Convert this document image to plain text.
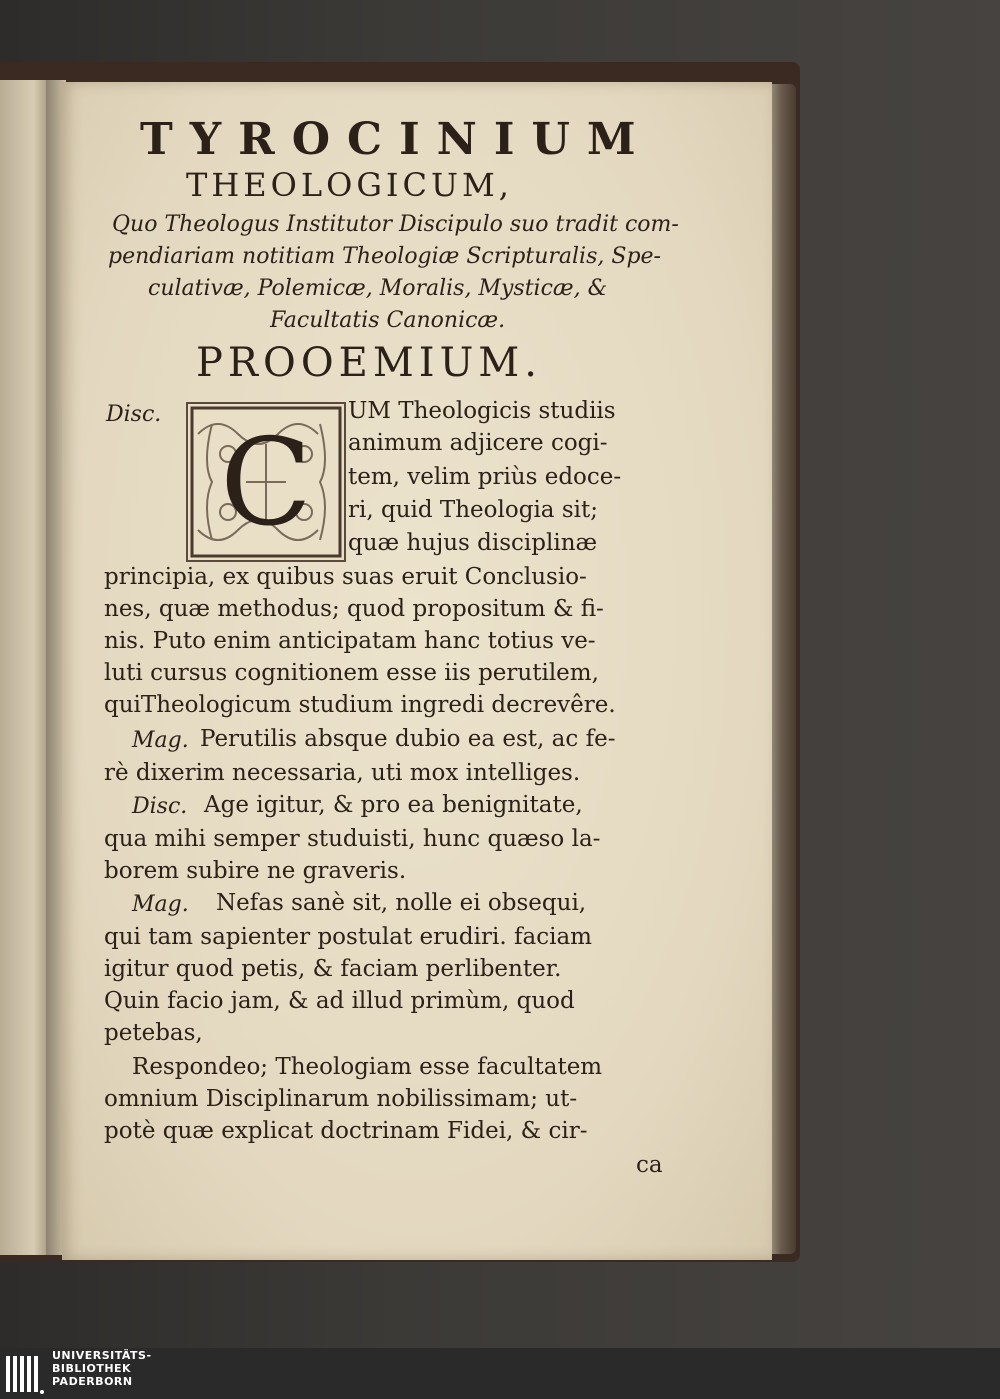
TYROCINIUM
THEOLOGICUM,
Quo Theologus Institutor Discipulo suo tradit com-
pendiariam notitiam Theologiæ Scripturalis, Spe-
culativæ, Polemicæ, Moralis, Mysticæ, &
Facultatis Canonicæ.
PROOEMIUM.
Disc. C
UM Theologicis studiis
animum adjicere cogi-
tem, velim priùs edoce-
ri, quid Theologia sit;
quæ hujus disciplinæ
principia, ex quibus suas eruit Conclusio-
nes, quæ methodus; quod propositum & fi-
nis. Puto enim anticipatam hanc totius ve-
luti cursus cognitionem esse iis perutilem,
quiTheologicum studium ingredi decrevêre.
Mag. Perutilis absque dubio ea est, ac fe-
rè dixerim necessaria, uti mox intelliges.
Disc. Age igitur, & pro ea benignitate,
qua mihi semper studuisti, hunc quæso la-
borem subire ne graveris.
Mag. Nefas sanè sit, nolle ei obsequi,
qui tam sapienter postulat erudiri. faciam
igitur quod petis, & faciam perlibenter.
Quin facio jam, & ad illud primùm, quod
petebas,
Respondeo; Theologiam esse facultatem
omnium Disciplinarum nobilissimam; ut-
potè quæ explicat doctrinam Fidei, & cir-
ca
UNIVERSITÄTS-
BIBLIOTHEK
PADERBORN
